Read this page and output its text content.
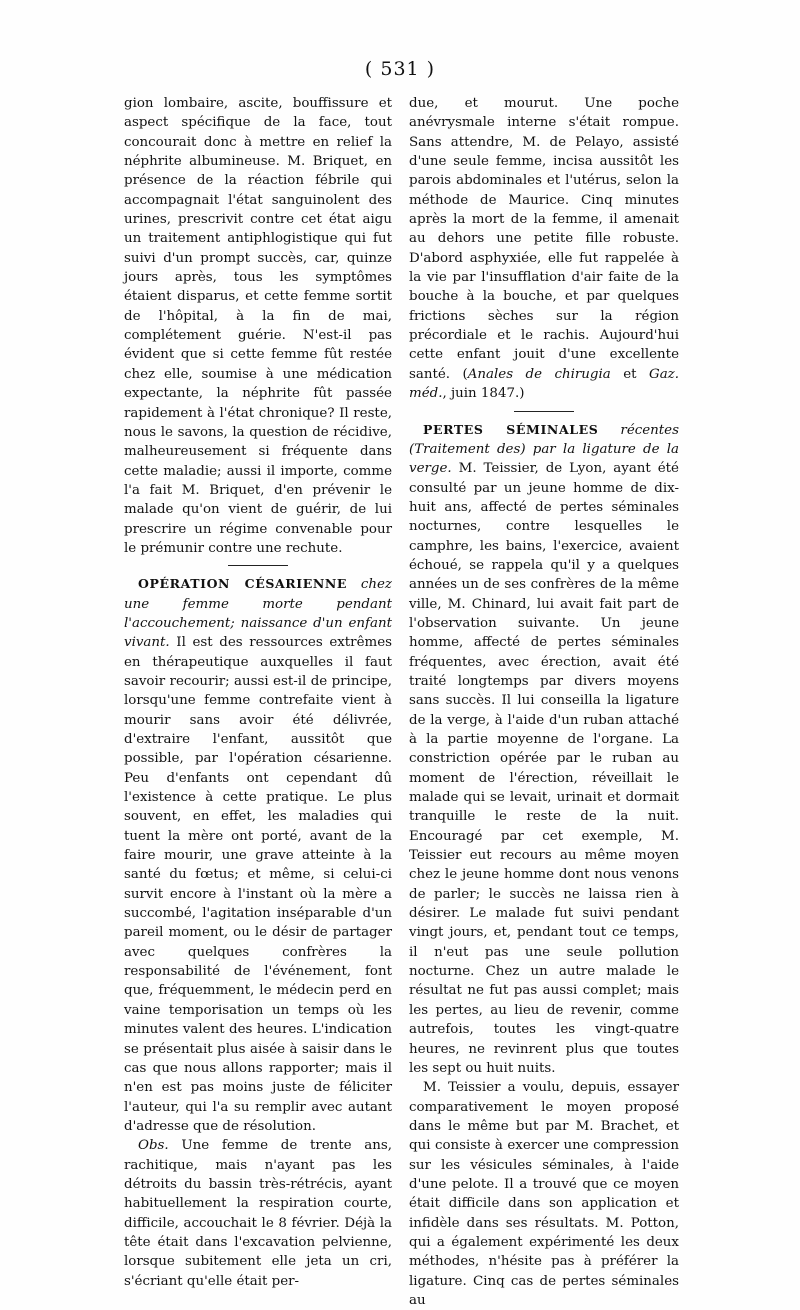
( 531 )

gion lombaire, ascite, bouffissure et aspect spécifique de la face, tout concourait donc à mettre en relief la néphrite albumineuse. M. Briquet, en présence de la réaction fébrile qui accompagnait l'état sanguinolent des urines, prescrivit contre cet état aigu un traitement antiphlogistique qui fut suivi d'un prompt succès, car, quinze jours après, tous les symptômes étaient disparus, et cette femme sortit de l'hôpital, à la fin de mai, complétement guérie. N'est-il pas évident que si cette femme fût restée chez elle, soumise à une médication expectante, la néphrite fût passée rapidement à l'état chronique? Il reste, nous le savons, la question de récidive, malheureusement si fréquente dans cette maladie; aussi il importe, comme l'a fait M. Briquet, d'en prévenir le malade qu'on vient de guérir, de lui prescrire un régime convenable pour le prémunir contre une rechute.

OPÉRATION CÉSARIENNE chez une femme morte pendant l'accouchement; naissance d'un enfant vivant. Il est des ressources extrêmes en thérapeutique auxquelles il faut savoir recourir; aussi est-il de principe, lorsqu'une femme contrefaite vient à mourir sans avoir été délivrée, d'extraire l'enfant, aussitôt que possible, par l'opération césarienne. Peu d'enfants ont cependant dû l'existence à cette pratique. Le plus souvent, en effet, les maladies qui tuent la mère ont porté, avant de la faire mourir, une grave atteinte à la santé du fœtus; et même, si celui-ci survit encore à l'instant où la mère a succombé, l'agitation inséparable d'un pareil moment, ou le désir de partager avec quelques confrères la responsabilité de l'événement, font que, fréquemment, le médecin perd en vaine temporisation un temps où les minutes valent des heures. L'indication se présentait plus aisée à saisir dans le cas que nous allons rapporter; mais il n'en est pas moins juste de féliciter l'auteur, qui l'a su remplir avec autant d'adresse que de résolution.

Obs. Une femme de trente ans, rachitique, mais n'ayant pas les détroits du bassin très-rétrécis, ayant habituellement la respiration courte, difficile, accouchait le 8 février. Déjà la tête était dans l'excavation pelvienne, lorsque subitement elle jeta un cri, s'écriant qu'elle était per-

due, et mourut. Une poche anévrysmale interne s'était rompue. Sans attendre, M. de Pelayo, assisté d'une seule femme, incisa aussitôt les parois abdominales et l'utérus, selon la méthode de Maurice. Cinq minutes après la mort de la femme, il amenait au dehors une petite fille robuste. D'abord asphyxiée, elle fut rappelée à la vie par l'insufflation d'air faite de la bouche à la bouche, et par quelques frictions sèches sur la région précordiale et le rachis. Aujourd'hui cette enfant jouit d'une excellente santé. (Anales de chirugia et Gaz. méd., juin 1847.)

PERTES SÉMINALES récentes (Traitement des) par la ligature de la verge. M. Teissier, de Lyon, ayant été consulté par un jeune homme de dix-huit ans, affecté de pertes séminales nocturnes, contre lesquelles le camphre, les bains, l'exercice, avaient échoué, se rappela qu'il y a quelques années un de ses confrères de la même ville, M. Chinard, lui avait fait part de l'observation suivante. Un jeune homme, affecté de pertes séminales fréquentes, avec érection, avait été traité longtemps par divers moyens sans succès. Il lui conseilla la ligature de la verge, à l'aide d'un ruban attaché à la partie moyenne de l'organe. La constriction opérée par le ruban au moment de l'érection, réveillait le malade qui se levait, urinait et dormait tranquille le reste de la nuit. Encouragé par cet exemple, M. Teissier eut recours au même moyen chez le jeune homme dont nous venons de parler; le succès ne laissa rien à désirer. Le malade fut suivi pendant vingt jours, et, pendant tout ce temps, il n'eut pas une seule pollution nocturne. Chez un autre malade le résultat ne fut pas aussi complet; mais les pertes, au lieu de revenir, comme autrefois, toutes les vingt-quatre heures, ne revinrent plus que toutes les sept ou huit nuits.

M. Teissier a voulu, depuis, essayer comparativement le moyen proposé dans le même but par M. Brachet, et qui consiste à exercer une compression sur les vésicules séminales, à l'aide d'une pelote. Il a trouvé que ce moyen était difficile dans son application et infidèle dans ses résultats. M. Potton, qui a également expérimenté les deux méthodes, n'hésite pas à préférer la ligature. Cinq cas de pertes séminales au
